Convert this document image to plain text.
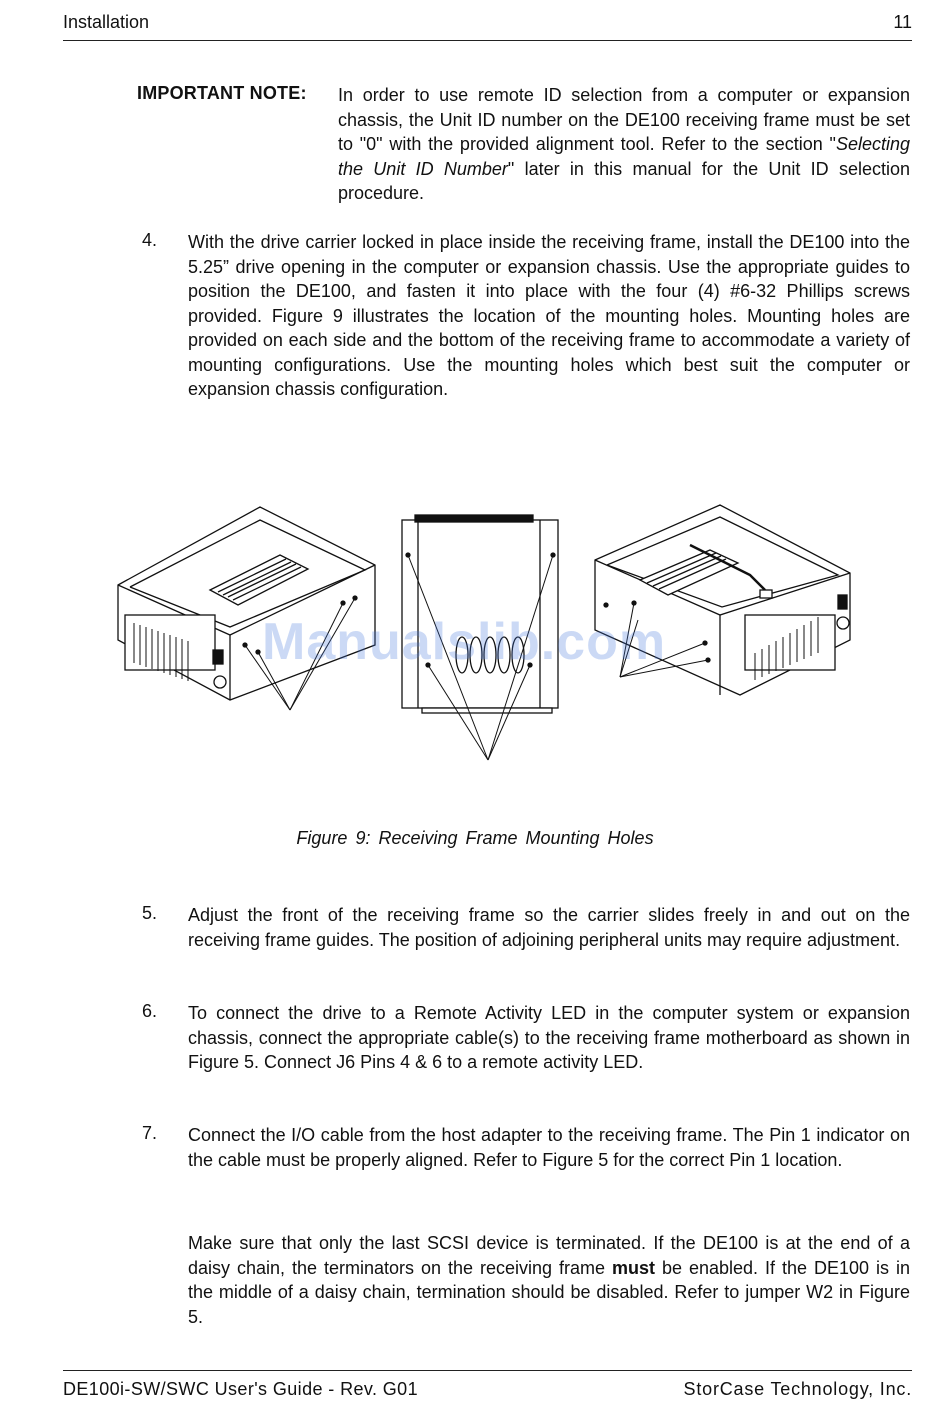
Installation	11
IMPORTANT NOTE: In order to use remote ID selection from a computer or expansion chassis, the Unit ID number on the DE100 receiving frame must be set to "0" with the provided alignment tool. Refer to the section "Selecting the Unit ID Number" later in this manual for the Unit ID selection procedure.
4. With the drive carrier locked in place inside the receiving frame, install the DE100 into the 5.25” drive opening in the computer or expansion chassis. Use the appropriate guides to position the DE100, and fasten it into place with the four (4) #6-32 Phillips screws provided. Figure 9 illustrates the location of the mounting holes. Mounting holes are provided on each side and the bottom of the receiving frame to accommodate a variety of mounting configurations. Use the mounting holes which best suit the computer or expansion chassis configuration.
Manualslib.com
Figure 9: Receiving Frame Mounting Holes
5. Adjust the front of the receiving frame so the carrier slides freely in and out on the receiving frame guides. The position of adjoining peripheral units may require adjustment.
6. To connect the drive to a Remote Activity LED in the computer system or expansion chassis, connect the appropriate cable(s) to the receiving frame motherboard as shown in Figure 5. Connect J6 Pins 4 & 6 to a remote activity LED.
7. Connect the I/O cable from the host adapter to the receiving frame. The Pin 1 indicator on the cable must be properly aligned. Refer to Figure 5 for the correct Pin 1 location.
Make sure that only the last SCSI device is terminated. If the DE100 is at the end of a daisy chain, the terminators on the receiving frame must be enabled. If the DE100 is in the middle of a daisy chain, termination should be disabled. Refer to jumper W2 in Figure 5.
DE100i-SW/SWC User's Guide - Rev. G01	StorCase Technology, Inc.
